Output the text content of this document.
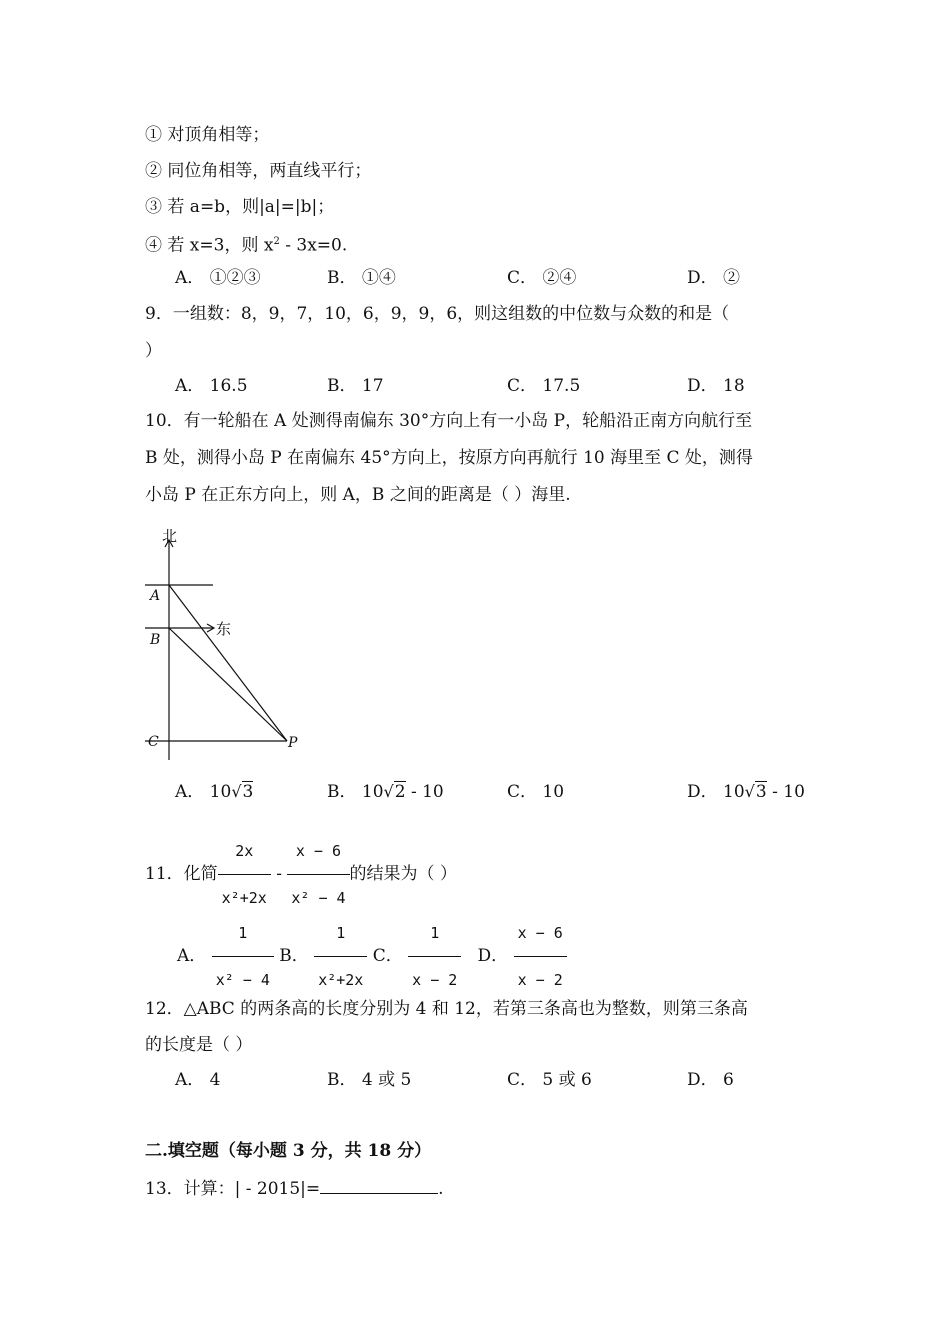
① 对顶角相等；
② 同位角相等，两直线平行；
③ 若 a=b，则|a|=|b|；
④ 若 x=3，则 $x^2 - 3x=0$.
A． ①②③	B． ①④	C． ②④	D． ②
9．一组数：8，9，7，10，6，9，9，6，则这组数的中位数与众数的和是（
）
A． 16.5	B． 17	C． 17.5	D． 18
10．有一轮船在 A 处测得南偏东 30°方向上有一小岛 P，轮船沿正南方向航行至
B 处，测得小岛 P 在南偏东 45°方向上，按原方向再航行 10 海里至 C 处，测得
小岛 P 在正东方向上，则 A，B 之间的距离是（ ）海里.
北
东
A
B
C	P
A． 10√3	B． 10√2 - 10	C． 10	D． 10√3 - 10
11．化简 $\frac{2x}{\text{x²+2x}} - \frac{x - 6}{\text{x² − 4}}$ 的结果为（ ）
A． $\frac{1}{\text{x² − 4}}$ B． $\frac{1}{\text{x²+2x}}$ C． $\frac{1}{x - 2}$ D． $\frac{x - 6}{x - 2}$
12．△ABC 的两条高的长度分别为 4 和 12，若第三条高也为整数，则第三条高
的长度是（ ）
A． 4	B． 4 或 5	C． 5 或 6	D． 6
二.填空题（每小题 3 分，共 18 分）
13．计算：| - 2015|=	.
